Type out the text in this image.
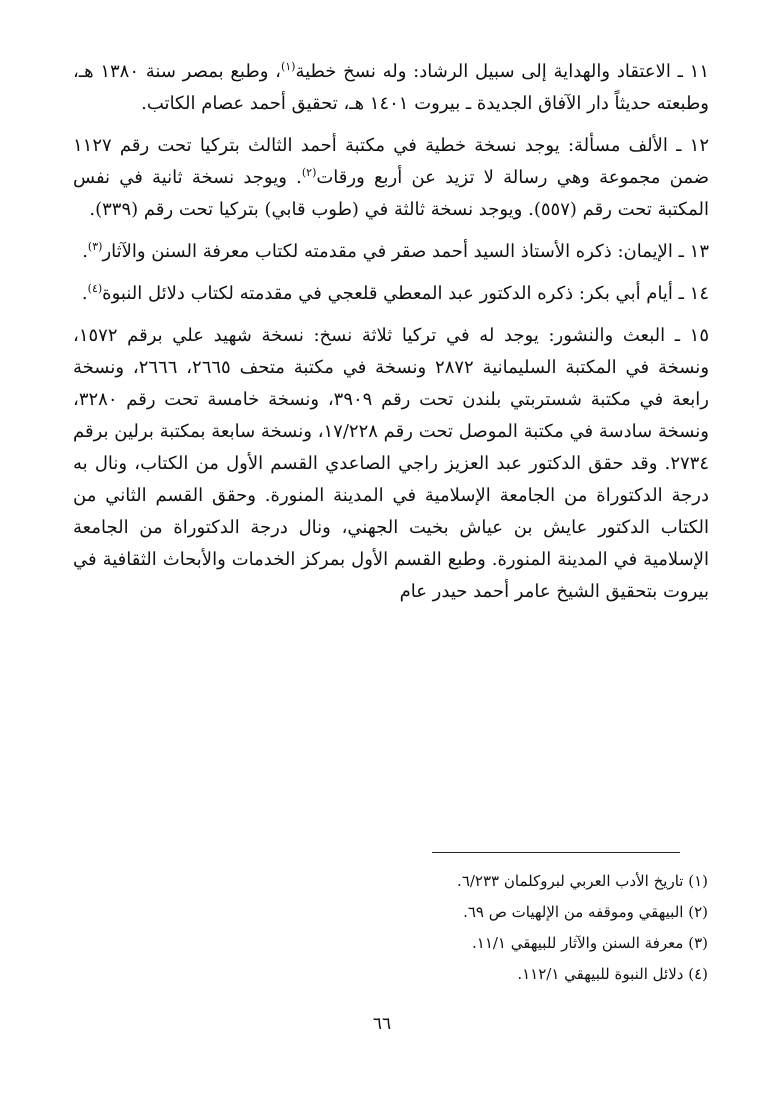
١١ ـ الاعتقاد والهداية إلى سبيل الرشاد: وله نسخ خطية$^{(١)}$، وطبع بمصر سنة ١٣٨٠ هـ، وطبعته حديثاً دار الآفاق الجديدة ـ بيروت ١٤٠١ هـ، تحقيق أحمد عصام الكاتب.

١٢ ـ الألف مسألة: يوجد نسخة خطية في مكتبة أحمد الثالث بتركيا تحت رقم ١١٢٧ ضمن مجموعة وهي رسالة لا تزيد عن أربع ورقات$^{(٢)}$. ويوجد نسخة ثانية في نفس المكتبة تحت رقم (٥٥٧). ويوجد نسخة ثالثة في (طوب قابي) بتركيا تحت رقم (٣٣٩).

١٣ ـ الإيمان: ذكره الأستاذ السيد أحمد صقر في مقدمته لكتاب معرفة السنن والآثار$^{(٣)}$.

١٤ ـ أيام أبي بكر: ذكره الدكتور عبد المعطي قلعجي في مقدمته لكتاب دلائل النبوة$^{(٤)}$.

١٥ ـ البعث والنشور: يوجد له في تركيا ثلاثة نسخ: نسخة شهيد علي برقم ١٥٧٢، ونسخة في المكتبة السليمانية ٢٨٧٢ ونسخة في مكتبة متحف ٢٦٦٥، ٢٦٦٦، ونسخة رابعة في مكتبة شستربتي بلندن تحت رقم ٣٩٠٩، ونسخة خامسة تحت رقم ٣٢٨٠، ونسخة سادسة في مكتبة الموصل تحت رقم ١٧/٢٢٨، ونسخة سابعة بمكتبة برلين برقم ٢٧٣٤. وقد حقق الدكتور عبد العزيز راجي الصاعدي القسم الأول من الكتاب، ونال به درجة الدكتوراة من الجامعة الإسلامية في المدينة المنورة. وحقق القسم الثاني من الكتاب الدكتور عايش بن عياش بخيت الجهني، ونال درجة الدكتوراة من الجامعة الإسلامية في المدينة المنورة. وطبع القسم الأول بمركز الخدمات والأبحاث الثقافية في بيروت بتحقيق الشيخ عامر أحمد حيدر عام

(١) تاريخ الأدب العربي لبروكلمان ٦/٢٣٣.
(٢) البيهقي وموقفه من الإلهيات ص ٦٩.
(٣) معرفة السنن والآثار للبيهقي ١١/١.
(٤) دلائل النبوة للبيهقي ١١٢/١.
٦٦
